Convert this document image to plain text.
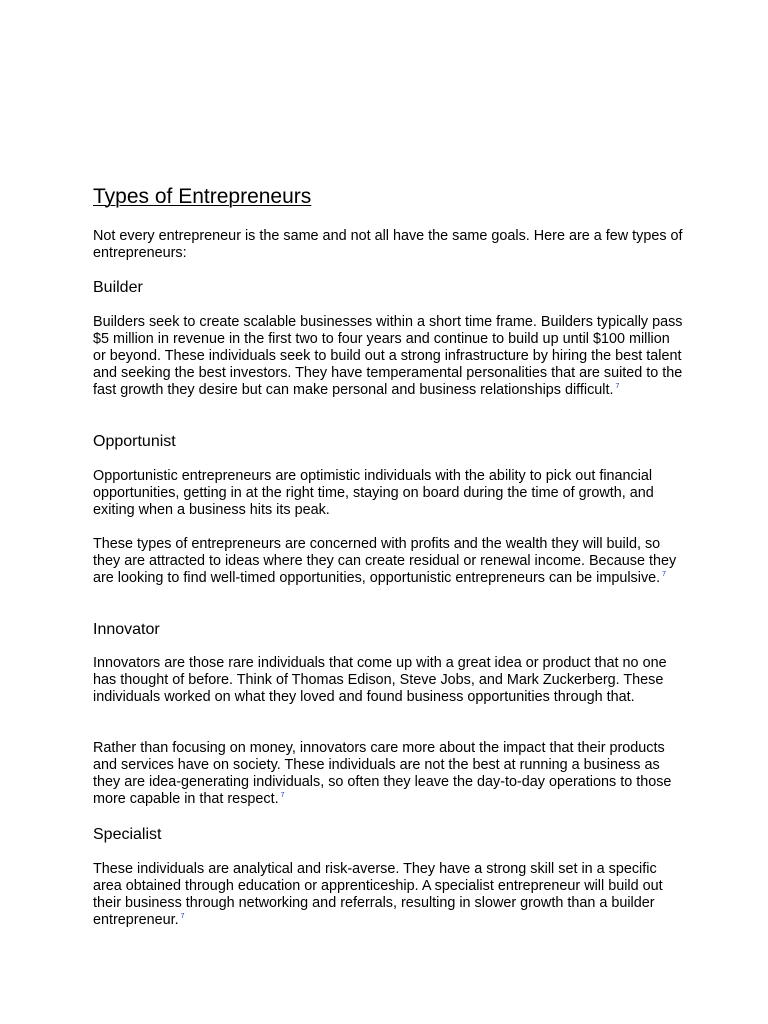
Types of Entrepreneurs

Not every entrepreneur is the same and not all have the same goals. Here are a few types of entrepreneurs:

Builder

Builders seek to create scalable businesses within a short time frame. Builders typically pass $5 million in revenue in the first two to four years and continue to build up until $100 million or beyond. These individuals seek to build out a strong infrastructure by hiring the best talent and seeking the best investors. They have temperamental personalities that are suited to the fast growth they desire but can make personal and business relationships difficult. $^7$

Opportunist

Opportunistic entrepreneurs are optimistic individuals with the ability to pick out financial opportunities, getting in at the right time, staying on board during the time of growth, and exiting when a business hits its peak.

These types of entrepreneurs are concerned with profits and the wealth they will build, so they are attracted to ideas where they can create residual or renewal income. Because they are looking to find well-timed opportunities, opportunistic entrepreneurs can be impulsive. $^7$

Innovator

Innovators are those rare individuals that come up with a great idea or product that no one has thought of before. Think of Thomas Edison, Steve Jobs, and Mark Zuckerberg. These individuals worked on what they loved and found business opportunities through that.

Rather than focusing on money, innovators care more about the impact that their products and services have on society. These individuals are not the best at running a business as they are idea-generating individuals, so often they leave the day-to-day operations to those more capable in that respect. $^7$

Specialist

These individuals are analytical and risk-averse. They have a strong skill set in a specific area obtained through education or apprenticeship. A specialist entrepreneur will build out their business through networking and referrals, resulting in slower growth than a builder entrepreneur. $^7$
